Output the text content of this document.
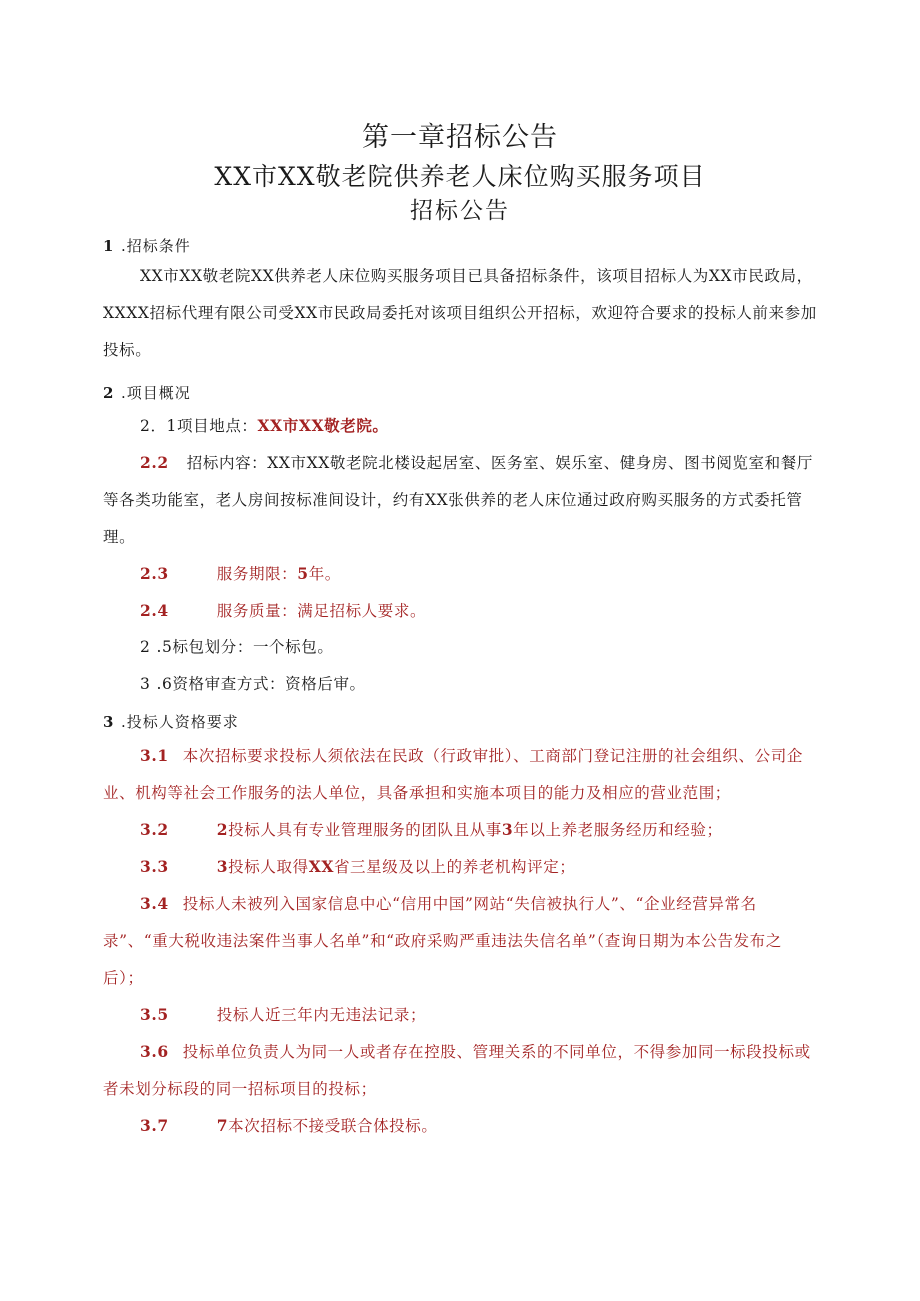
第一章招标公告
XX市XX敬老院供养老人床位购买服务项目
招标公告
1 .招标条件
XX市XX敬老院XX供养老人床位购买服务项目已具备招标条件，该项目招标人为XX市民政局，XXXX招标代理有限公司受XX市民政局委托对该项目组织公开招标，欢迎符合要求的投标人前来参加投标。
2 .项目概况
2．1项目地点：XX市XX敬老院。
2.2 招标内容：XX市XX敬老院北楼设起居室、医务室、娱乐室、健身房、图书阅览室和餐厅等各类功能室，老人房间按标准间设计，约有XX张供养的老人床位通过政府购买服务的方式委托管理。
2.3	服务期限：5年。
2.4	服务质量：满足招标人要求。
2 .5标包划分：一个标包。
3 .6资格审查方式：资格后审。
3 .投标人资格要求
3.1 本次招标要求投标人须依法在民政（行政审批）、工商部门登记注册的社会组织、公司企业、机构等社会工作服务的法人单位，具备承担和实施本项目的能力及相应的营业范围；
3.2	2投标人具有专业管理服务的团队且从事3年以上养老服务经历和经验；
3.3	3投标人取得XX省三星级及以上的养老机构评定；
3.4 投标人未被列入国家信息中心“信用中国”网站“失信被执行人”、“企业经营异常名录”、“重大税收违法案件当事人名单”和“政府采购严重违法失信名单”（查询日期为本公告发布之后）；
3.5	投标人近三年内无违法记录；
3.6 投标单位负责人为同一人或者存在控股、管理关系的不同单位，不得参加同一标段投标或者未划分标段的同一招标项目的投标；
3.7	7本次招标不接受联合体投标。
